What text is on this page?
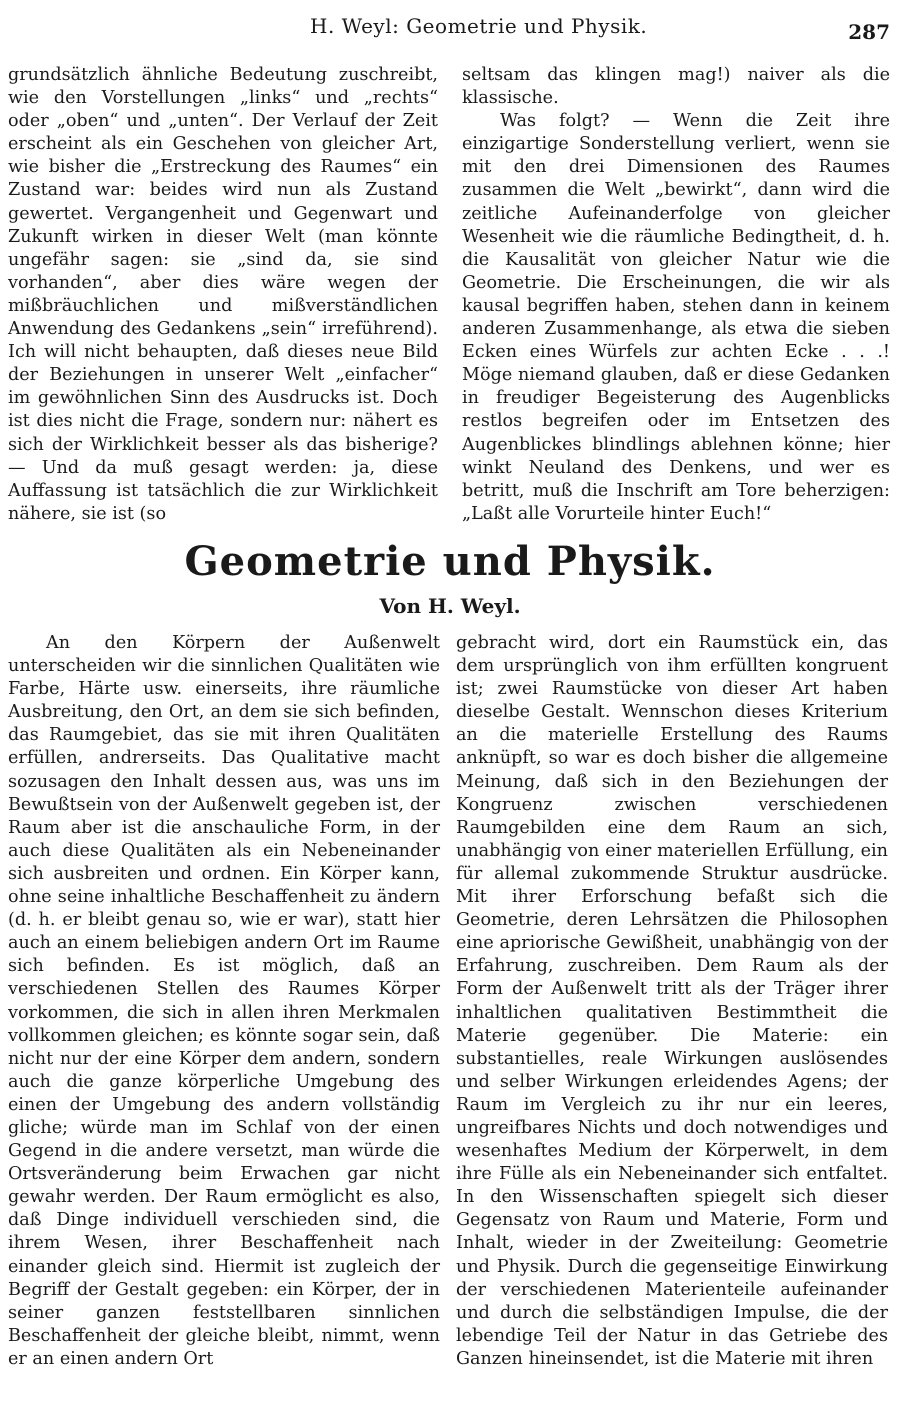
H. Weyl: Geometrie und Physik.	287

grundsätzlich ähnliche Bedeutung zuschreibt, wie den Vorstellungen „links“ und „rechts“ oder „oben“ und „unten“. Der Verlauf der Zeit erscheint als ein Geschehen von gleicher Art, wie bisher die „Erstreckung des Raumes“ ein Zustand war: beides wird nun als Zustand gewertet. Vergangenheit und Gegenwart und Zukunft wirken in dieser Welt (man könnte ungefähr sagen: sie „sind da, sie sind vorhanden“, aber dies wäre wegen der mißbräuchlichen und mißverständlichen Anwendung des Gedankens „sein“ irreführend). Ich will nicht behaupten, daß dieses neue Bild der Beziehungen in unserer Welt „einfacher“ im gewöhnlichen Sinn des Ausdrucks ist. Doch ist dies nicht die Frage, sondern nur: nähert es sich der Wirklichkeit besser als das bisherige? — Und da muß gesagt werden: ja, diese Auffassung ist tatsächlich die zur Wirklichkeit nähere, sie ist (so

seltsam das klingen mag!) naiver als die klassische.

Was folgt? — Wenn die Zeit ihre einzigartige Sonderstellung verliert, wenn sie mit den drei Dimensionen des Raumes zusammen die Welt „bewirkt“, dann wird die zeitliche Aufeinanderfolge von gleicher Wesenheit wie die räumliche Bedingtheit, d. h. die Kausalität von gleicher Natur wie die Geometrie. Die Erscheinungen, die wir als kausal begriffen haben, stehen dann in keinem anderen Zusammenhange, als etwa die sieben Ecken eines Würfels zur achten Ecke . . .! Möge niemand glauben, daß er diese Gedanken in freudiger Begeisterung des Augenblicks restlos begreifen oder im Entsetzen des Augenblickes blindlings ablehnen könne; hier winkt Neuland des Denkens, und wer es betritt, muß die Inschrift am Tore beherzigen: „Laßt alle Vorurteile hinter Euch!“

Geometrie und Physik.
Von H. Weyl.

An den Körpern der Außenwelt unterscheiden wir die sinnlichen Qualitäten wie Farbe, Härte usw. einerseits, ihre räumliche Ausbreitung, den Ort, an dem sie sich befinden, das Raumgebiet, das sie mit ihren Qualitäten erfüllen, andrerseits. Das Qualitative macht sozusagen den Inhalt dessen aus, was uns im Bewußtsein von der Außenwelt gegeben ist, der Raum aber ist die anschauliche Form, in der auch diese Qualitäten als ein Nebeneinander sich ausbreiten und ordnen. Ein Körper kann, ohne seine inhaltliche Beschaffenheit zu ändern (d. h. er bleibt genau so, wie er war), statt hier auch an einem beliebigen andern Ort im Raume sich befinden. Es ist möglich, daß an verschiedenen Stellen des Raumes Körper vorkommen, die sich in allen ihren Merkmalen vollkommen gleichen; es könnte sogar sein, daß nicht nur der eine Körper dem andern, sondern auch die ganze körperliche Umgebung des einen der Umgebung des andern vollständig gliche; würde man im Schlaf von der einen Gegend in die andere versetzt, man würde die Ortsveränderung beim Erwachen gar nicht gewahr werden. Der Raum ermöglicht es also, daß Dinge individuell verschieden sind, die ihrem Wesen, ihrer Beschaffenheit nach einander gleich sind. Hiermit ist zugleich der Begriff der Gestalt gegeben: ein Körper, der in seiner ganzen feststellbaren sinnlichen Beschaffenheit der gleiche bleibt, nimmt, wenn er an einen andern Ort

gebracht wird, dort ein Raumstück ein, das dem ursprünglich von ihm erfüllten kongruent ist; zwei Raumstücke von dieser Art haben dieselbe Gestalt. Wennschon dieses Kriterium an die materielle Erstellung des Raums anknüpft, so war es doch bisher die allgemeine Meinung, daß sich in den Beziehungen der Kongruenz zwischen verschiedenen Raumgebilden eine dem Raum an sich, unabhängig von einer materiellen Erfüllung, ein für allemal zukommende Struktur ausdrücke. Mit ihrer Erforschung befaßt sich die Geometrie, deren Lehrsätzen die Philosophen eine apriorische Gewißheit, unabhängig von der Erfahrung, zuschreiben. Dem Raum als der Form der Außenwelt tritt als der Träger ihrer inhaltlichen qualitativen Bestimmtheit die Materie gegenüber. Die Materie: ein substantielles, reale Wirkungen auslösendes und selber Wirkungen erleidendes Agens; der Raum im Vergleich zu ihr nur ein leeres, ungreifbares Nichts und doch notwendiges und wesenhaftes Medium der Körperwelt, in dem ihre Fülle als ein Nebeneinander sich entfaltet. In den Wissenschaften spiegelt sich dieser Gegensatz von Raum und Materie, Form und Inhalt, wieder in der Zweiteilung: Geometrie und Physik. Durch die gegenseitige Einwirkung der verschiedenen Materienteile aufeinander und durch die selbständigen Impulse, die der lebendige Teil der Natur in das Getriebe des Ganzen hineinsendet, ist die Materie mit ihren
